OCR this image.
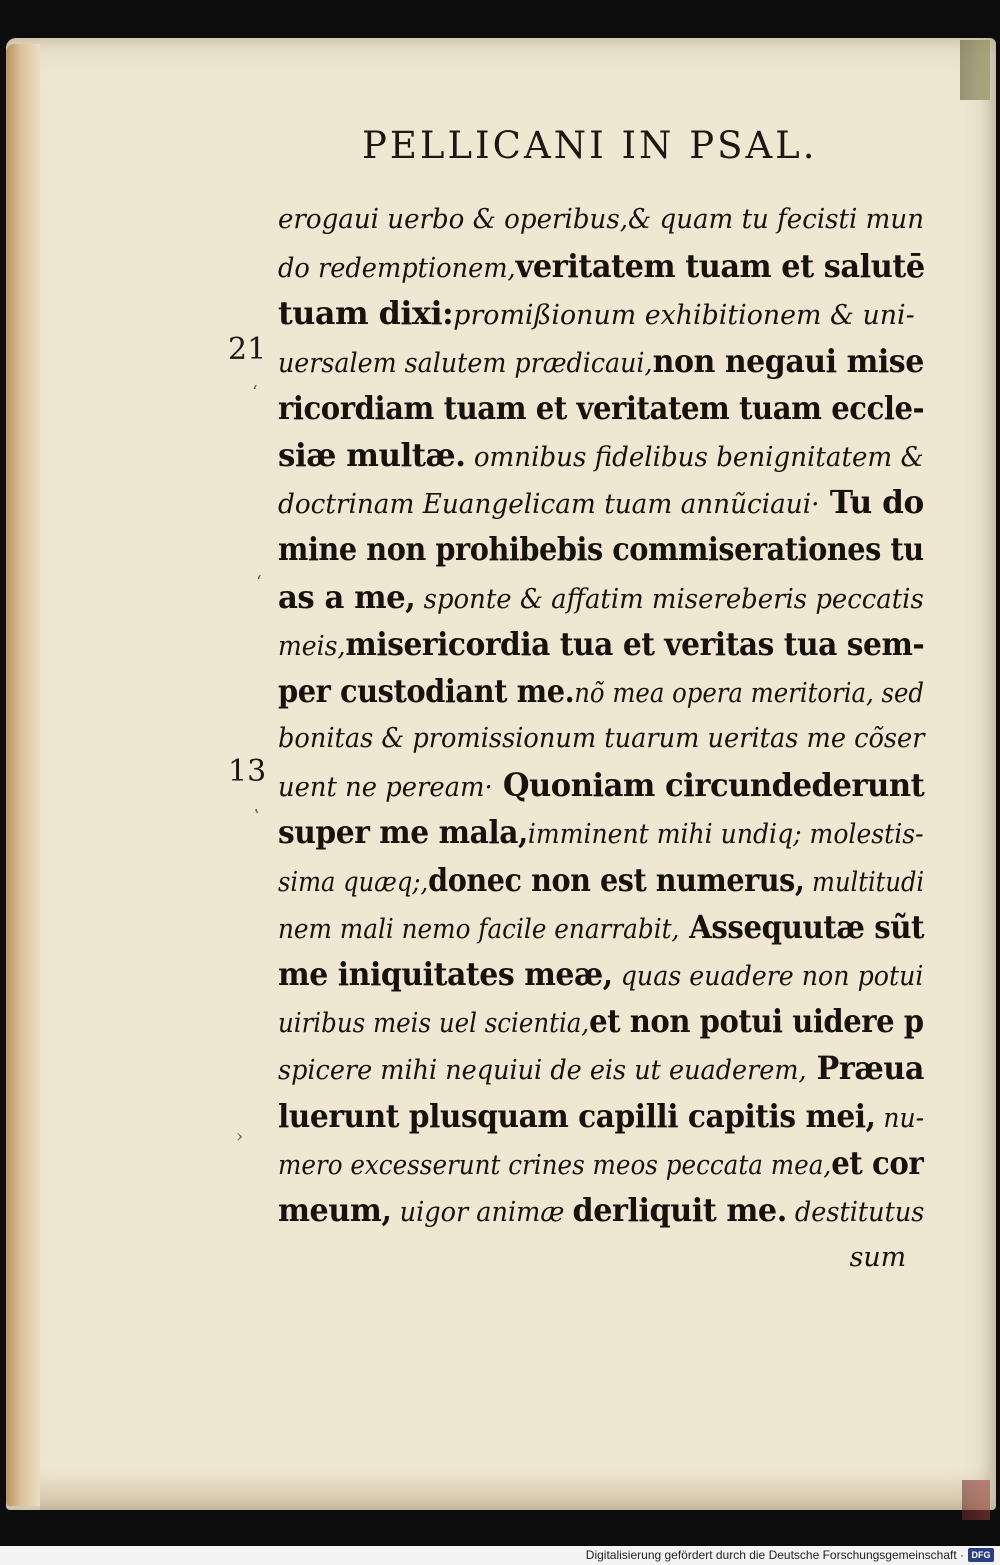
PELLICANI IN PSAL.
21
13
‘
‘
‛
›
erogaui uerbo & operibus,& quam tu fecisti mun
do redemptionem,veritatem tuam et salutē
tuam dixi:promißionum exhibitionem & uni-
uersalem salutem prædicaui,non negaui mise
ricordiam tuam et veritatem tuam eccle-
siæ multæ. omnibus fidelibus benignitatem &
doctrinam Euangelicam tuam annũciaui· Tu do
mine non prohibebis commiserationes tu
as a me, sponte & affatim misereberis peccatis
meis,misericordia tua et veritas tua sem-
per custodiant me.nõ mea opera meritoria, sed
bonitas & promissionum tuarum ueritas me cõser
uent ne peream· Quoniam circundederunt
super me mala,imminent mihi undiq; molestis-
sima quæq;,donec non est numerus, multitudi
nem mali nemo facile enarrabit, Assequutæ sũt
me iniquitates meæ, quas euadere non potui
uiribus meis uel scientia,et non potui uidere p
spicere mihi nequiui de eis ut euaderem, Præua
luerunt plusquam capilli capitis mei, nu-
mero excesserunt crines meos peccata mea,et cor
meum, uigor animæ derliquit me. destitutus
sum
Digitalisierung gefördert durch die Deutsche Forschungsgemeinschaft · DFG
